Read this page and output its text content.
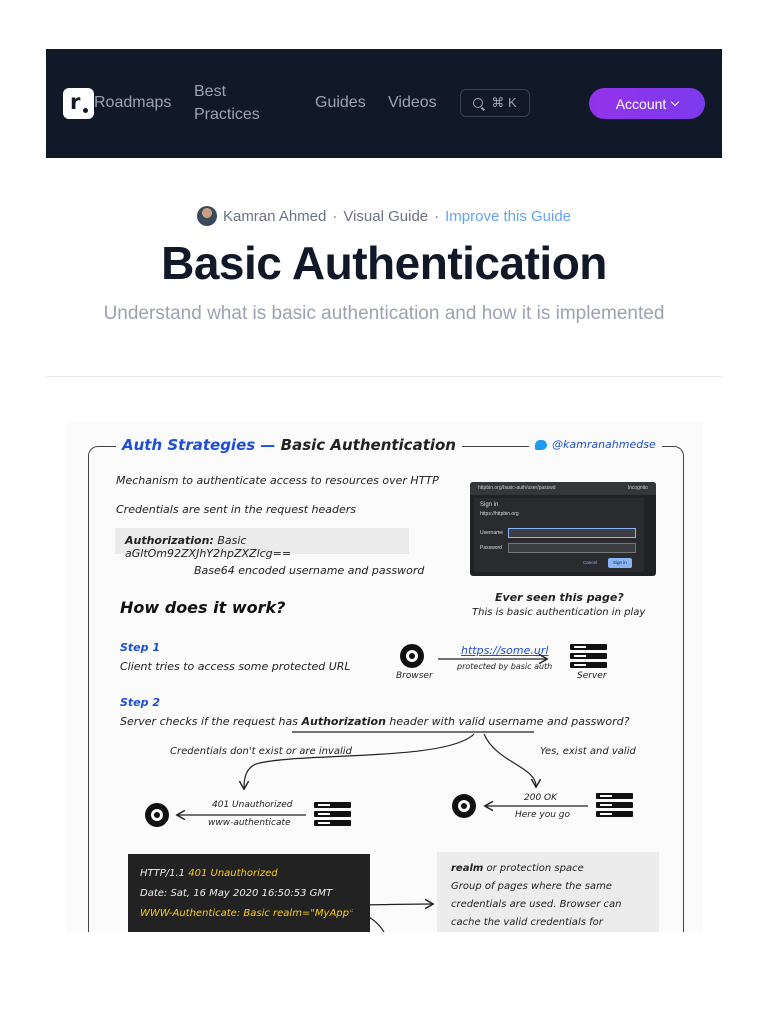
r Roadmaps
Best Practices
Guides Videos	⌘ K	Account
Kamran Ahmed · Visual Guide · Improve this Guide
Basic Authentication

Understand what is basic authentication and how it is implemented

Auth Strategies — Basic Authentication	@kamranahmedse
Mechanism to authenticate access to resources over HTTP
Credentials are sent in the request headers
Authorization: Basic aGltOm92ZXJhY2hpZXZlcg==
Base64 encoded username and password
httpbin.org/basic-auth/user/passwd	Incognito
Sign in
https://httpbin.org
Username
Password
Cancel	Sign in
Ever seen this page?
This is basic authentication in play
How does it work?
Step 1
Client tries to access some protected URL
Browser
https://some.url
protected by basic auth
Server
Step 2
Server checks if the request has Authorization header with valid username and password?
Credentials don't exist or are invalid	Yes, exist and valid
401 Unauthorized
www-authenticate
200 OK
Here you go
HTTP/1.1 401 Unauthorized
Date: Sat, 16 May 2020 16:50:53 GMT
WWW-Authenticate: Basic realm="MyApp"
realm or protection space
Group of pages where the same credentials are used. Browser can cache the valid credentials for
